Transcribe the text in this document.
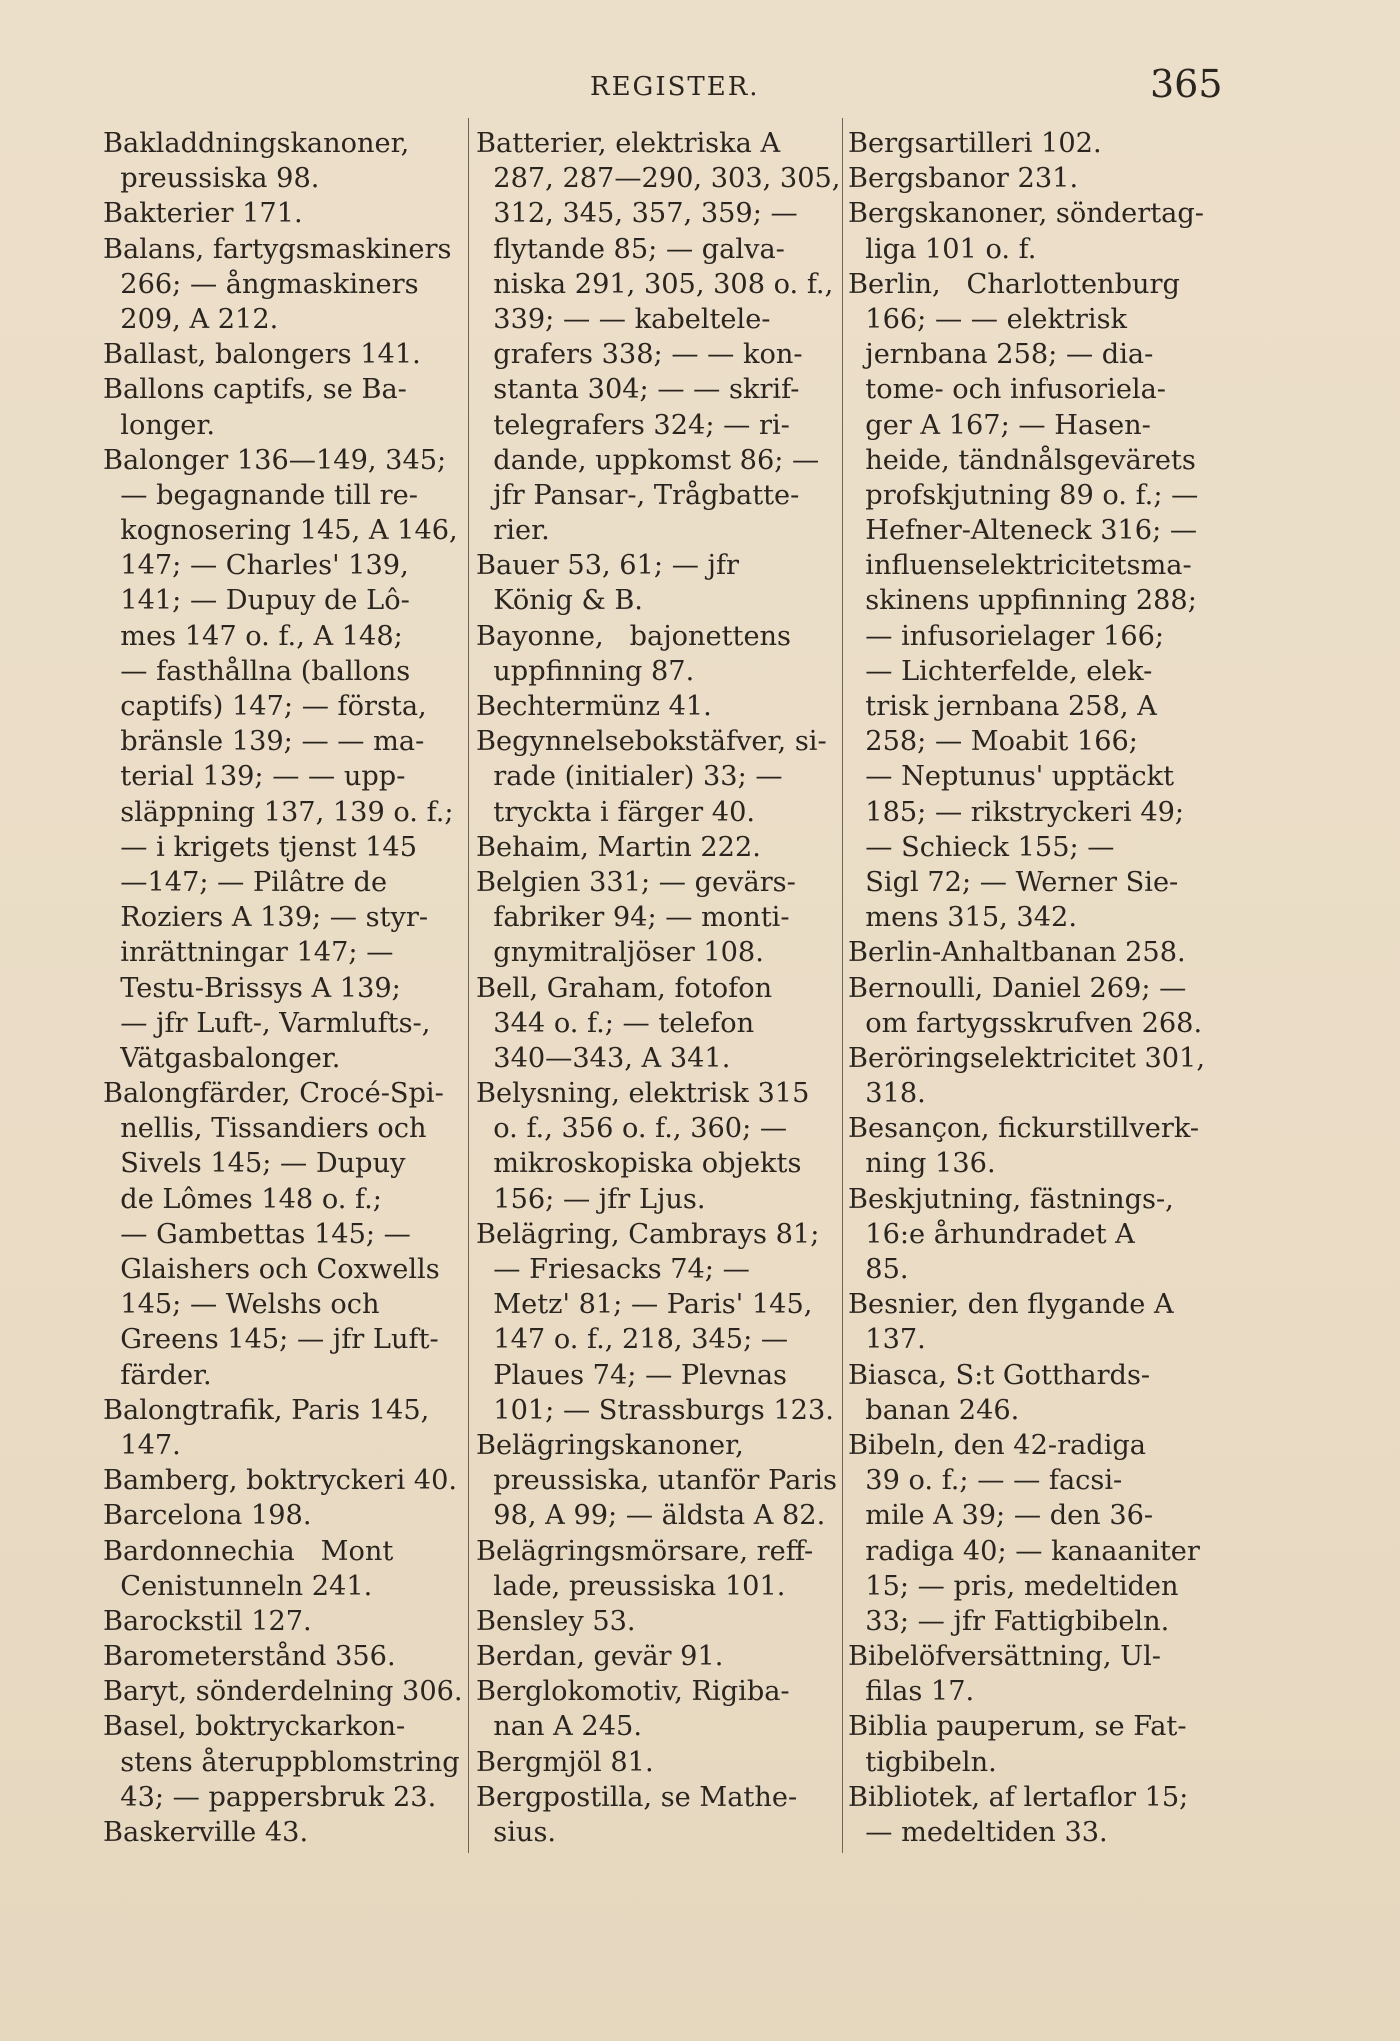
REGISTER.	365
Bakladdningskanoner,
preussiska 98.
Bakterier 171.
Balans, fartygsmaskiners
266; — ångmaskiners
209, A 212.
Ballast, balongers 141.
Ballons captifs, se Ba-
longer.
Balonger 136—149, 345;
— begagnande till re-
kognosering 145, A 146,
147; — Charles' 139,
141; — Dupuy de Lô-
mes 147 o. f., A 148;
— fasthållna (ballons
captifs) 147; — första,
bränsle 139; — — ma-
terial 139; — — upp-
släppning 137, 139 o. f.;
— i krigets tjenst 145
—147; — Pilâtre de
Roziers A 139; — styr-
inrättningar 147; —
Testu-Brissys A 139;
— jfr Luft-, Varmlufts-,
Vätgasbalonger.
Balongfärder, Crocé-Spi-
nellis, Tissandiers och
Sivels 145; — Dupuy
de Lômes 148 o. f.;
— Gambettas 145; —
Glaishers och Coxwells
145; — Welshs och
Greens 145; — jfr Luft-
färder.
Balongtrafik, Paris 145,
147.
Bamberg, boktryckeri 40.
Barcelona 198.
Bardonnechia   Mont
Cenistunneln 241.
Barockstil 127.
Barometerstånd 356.
Baryt, sönderdelning 306.
Basel, boktryckarkon-
stens återuppblomstring
43; — pappersbruk 23.
Baskerville 43.
Batterier, elektriska A
287, 287—290, 303, 305,
312, 345, 357, 359; —
flytande 85; — galva-
niska 291, 305, 308 o. f.,
339; — — kabeltele-
grafers 338; — — kon-
stanta 304; — — skrif-
telegrafers 324; — ri-
dande, uppkomst 86; —
jfr Pansar-, Trågbatte-
rier.
Bauer 53, 61; — jfr
König & B.
Bayonne,   bajonettens
uppfinning 87.
Bechtermünz 41.
Begynnelsebokstäfver, si-
rade (initialer) 33; —
tryckta i färger 40.
Behaim, Martin 222.
Belgien 331; — gevärs-
fabriker 94; — monti-
gnymitraljöser 108.
Bell, Graham, fotofon
344 o. f.; — telefon
340—343, A 341.
Belysning, elektrisk 315
o. f., 356 o. f., 360; —
mikroskopiska objekts
156; — jfr Ljus.
Belägring, Cambrays 81;
— Friesacks 74; —
Metz' 81; — Paris' 145,
147 o. f., 218, 345; —
Plaues 74; — Plevnas
101; — Strassburgs 123.
Belägringskanoner,
preussiska, utanför Paris
98, A 99; — äldsta A 82.
Belägringsmörsare, reff-
lade, preussiska 101.
Bensley 53.
Berdan, gevär 91.
Berglokomotiv, Rigiba-
nan A 245.
Bergmjöl 81.
Bergpostilla, se Mathe-
sius.
Bergsartilleri 102.
Bergsbanor 231.
Bergskanoner, söndertag-
liga 101 o. f.
Berlin,   Charlottenburg
166; — — elektrisk
jernbana 258; — dia-
tome- och infusoriela-
ger A 167; — Hasen-
heide, tändnålsgevärets
profskjutning 89 o. f.; —
Hefner-Alteneck 316; —
influenselektricitetsma-
skinens uppfinning 288;
— infusorielager 166;
— Lichterfelde, elek-
trisk jernbana 258, A
258; — Moabit 166;
— Neptunus' upptäckt
185; — rikstryckeri 49;
— Schieck 155; —
Sigl 72; — Werner Sie-
mens 315, 342.
Berlin-Anhaltbanan 258.
Bernoulli, Daniel 269; —
om fartygsskrufven 268.
Beröringselektricitet 301,
318.
Besançon, fickurstillverk-
ning 136.
Beskjutning, fästnings-,
16:e århundradet A
85.
Besnier, den flygande A
137.
Biasca, S:t Gotthards-
banan 246.
Bibeln, den 42-radiga
39 o. f.; — — facsi-
mile A 39; — den 36-
radiga 40; — kanaaniter
15; — pris, medeltiden
33; — jfr Fattigbibeln.
Bibelöfversättning, Ul-
filas 17.
Biblia pauperum, se Fat-
tigbibeln.
Bibliotek, af lertaflor 15;
— medeltiden 33.
